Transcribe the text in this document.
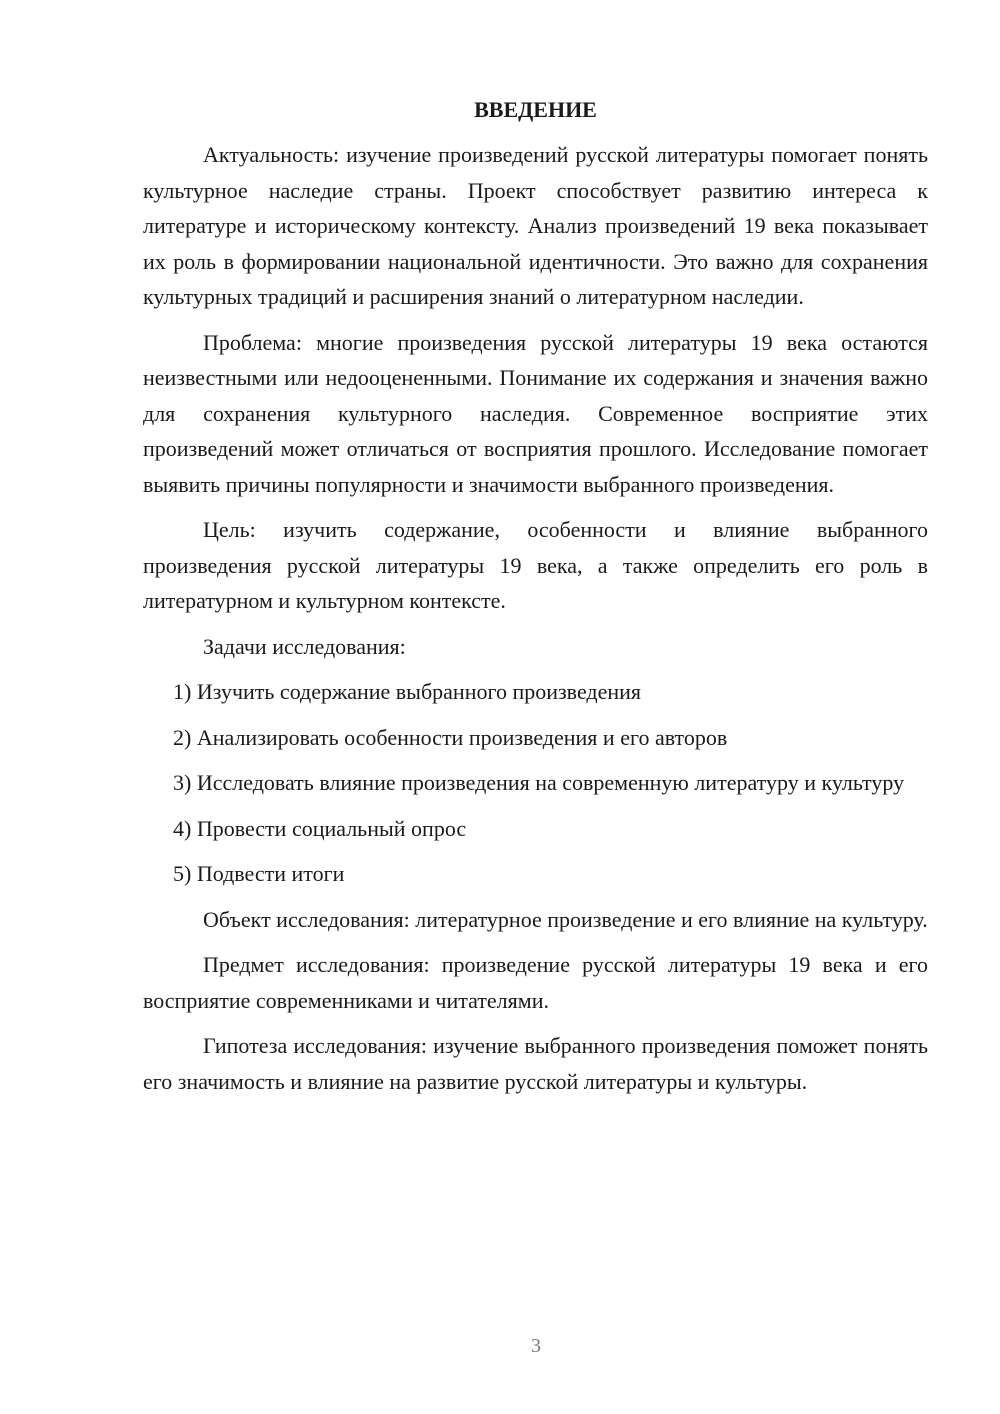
ВВЕДЕНИЕ

Актуальность: изучение произведений русской литературы помогает понять культурное наследие страны. Проект способствует развитию интереса к литературе и историческому контексту. Анализ произведений 19 века показывает их роль в формировании национальной идентичности. Это важно для сохранения культурных традиций и расширения знаний о литературном наследии.

Проблема: многие произведения русской литературы 19 века остаются неизвестными или недооцененными. Понимание их содержания и значения важно для сохранения культурного наследия. Современное восприятие этих произведений может отличаться от восприятия прошлого. Исследование помогает выявить причины популярности и значимости выбранного произведения.

Цель: изучить содержание, особенности и влияние выбранного произведения русской литературы 19 века, а также определить его роль в литературном и культурном контексте.

Задачи исследования:

1) Изучить содержание выбранного произведения

2) Анализировать особенности произведения и его авторов

3) Исследовать влияние произведения на современную литературу и культуру

4) Провести социальный опрос

5) Подвести итоги

Объект исследования: литературное произведение и его влияние на культуру.

Предмет исследования: произведение русской литературы 19 века и его восприятие современниками и читателями.

Гипотеза исследования: изучение выбранного произведения поможет понять его значимость и влияние на развитие русской литературы и культуры.

3
